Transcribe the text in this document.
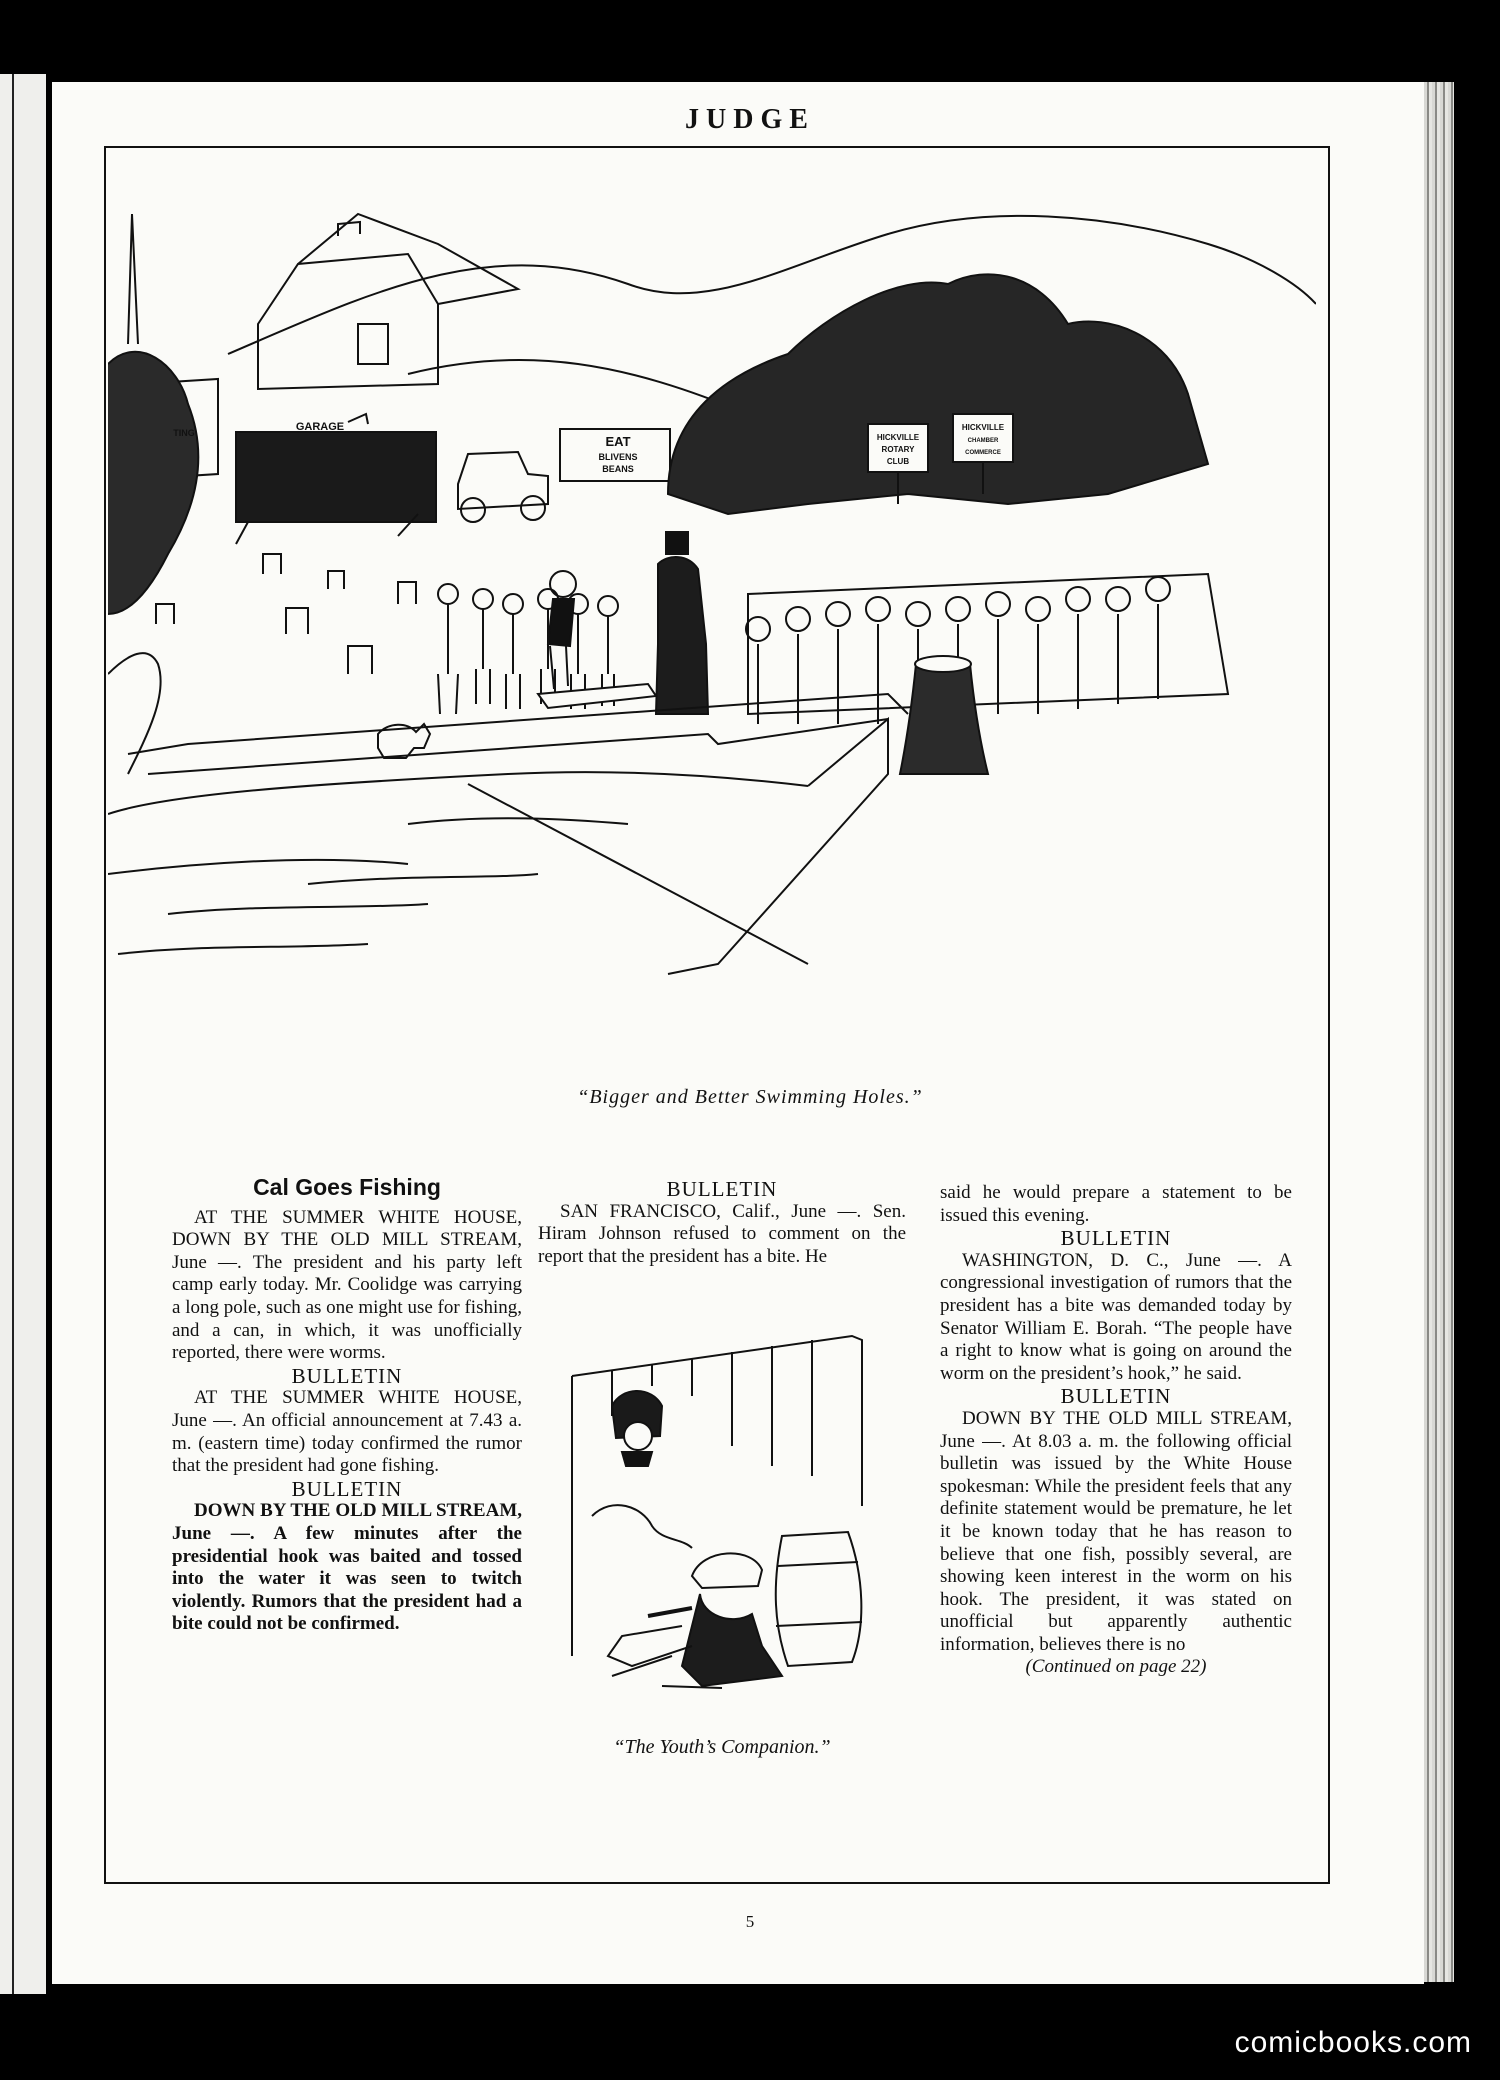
JUDGE
GARAGE
TING
EAT
BLIVENS
BEANS
HICKVILLE
ROTARY
CLUB
HICKVILLE
CHAMBER
COMMERCE
“Bigger and Better Swimming Holes.”

Cal Goes Fishing

AT THE SUMMER WHITE HOUSE, DOWN BY THE OLD MILL STREAM, June —. The president and his party left camp early today. Mr. Coolidge was carrying a long pole, such as one might use for fishing, and a can, in which, it was unofficially reported, there were worms.

BULLETIN

AT THE SUMMER WHITE HOUSE, June —. An official announcement at 7.43 a. m. (eastern time) today confirmed the rumor that the president had gone fishing.

BULLETIN

DOWN BY THE OLD MILL STREAM, June —. A few minutes after the presidential hook was baited and tossed into the water it was seen to twitch violently. Rumors that the president had a bite could not be confirmed.

BULLETIN

SAN FRANCISCO, Calif., June —. Sen. Hiram Johnson refused to comment on the report that the president has a bite. He

“The Youth’s Companion.”

said he would prepare a statement to be issued this evening.

BULLETIN

WASHINGTON, D. C., June —. A congressional investigation of rumors that the president has a bite was demanded today by Senator William E. Borah. “The people have a right to know what is going on around the worm on the president’s hook,” he said.

BULLETIN

DOWN BY THE OLD MILL STREAM, June —. At 8.03 a. m. the following official bulletin was issued by the White House spokesman: While the president feels that any definite statement would be premature, he let it be known today that he has reason to believe that one fish, possibly several, are showing keen interest in the worm on his hook. The president, it was stated on unofficial but apparently authentic information, believes there is no

(Continued on page 22)

5
comicbooks.com
